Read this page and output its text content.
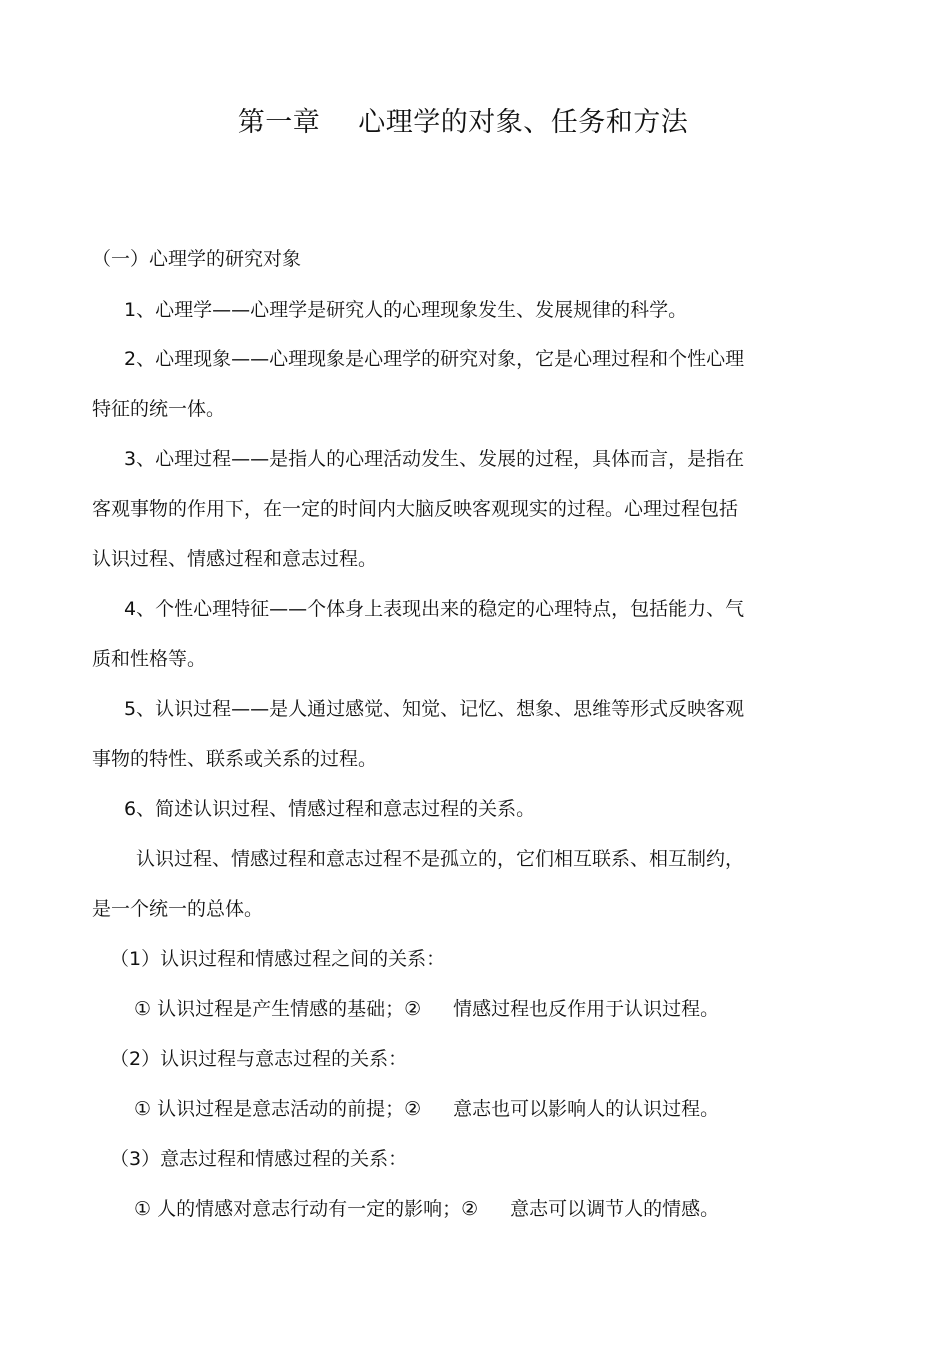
第一章 心理学的对象、任务和方法
（一）心理学的研究对象
1、心理学——心理学是研究人的心理现象发生、发展规律的科学。
2、心理现象——心理现象是心理学的研究对象，它是心理过程和个性心理
特征的统一体。
3、心理过程——是指人的心理活动发生、发展的过程，具体而言，是指在
客观事物的作用下，在一定的时间内大脑反映客观现实的过程。心理过程包括
认识过程、情感过程和意志过程。
4、个性心理特征——个体身上表现出来的稳定的心理特点，包括能力、气
质和性格等。
5、认识过程——是人通过感觉、知觉、记忆、想象、思维等形式反映客观
事物的特性、联系或关系的过程。
6、简述认识过程、情感过程和意志过程的关系。
认识过程、情感过程和意志过程不是孤立的，它们相互联系、相互制约，
是一个统一的总体。
（1）认识过程和情感过程之间的关系：
① 认识过程是产生情感的基础；② 情感过程也反作用于认识过程。
（2）认识过程与意志过程的关系：
① 认识过程是意志活动的前提；② 意志也可以影响人的认识过程。
（3）意志过程和情感过程的关系：
① 人的情感对意志行动有一定的影响；② 意志可以调节人的情感。
